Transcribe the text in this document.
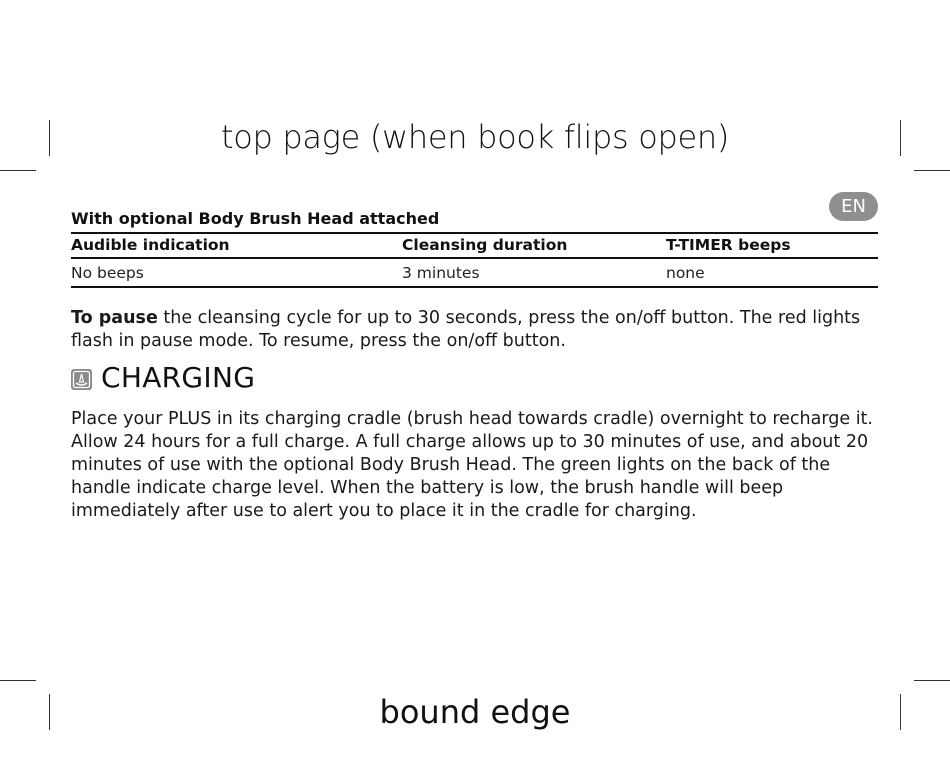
top page (when book flips open)
EN
With optional Body Brush Head attached
Audible indication	Cleansing duration	T-TIMER beeps
No beeps	3 minutes	none

To pause the cleansing cycle for up to 30 seconds, press the on/off button. The red lights flash in pause mode. To resume, press the on/off button.

CHARGING

Place your PLUS in its charging cradle (brush head towards cradle) overnight to recharge it. Allow 24 hours for a full charge. A full charge allows up to 30 minutes of use, and about 20 minutes of use with the optional Body Brush Head. The green lights on the back of the handle indicate charge level. When the battery is low, the brush handle will beep immediately after use to alert you to place it in the cradle for charging.

bound edge
